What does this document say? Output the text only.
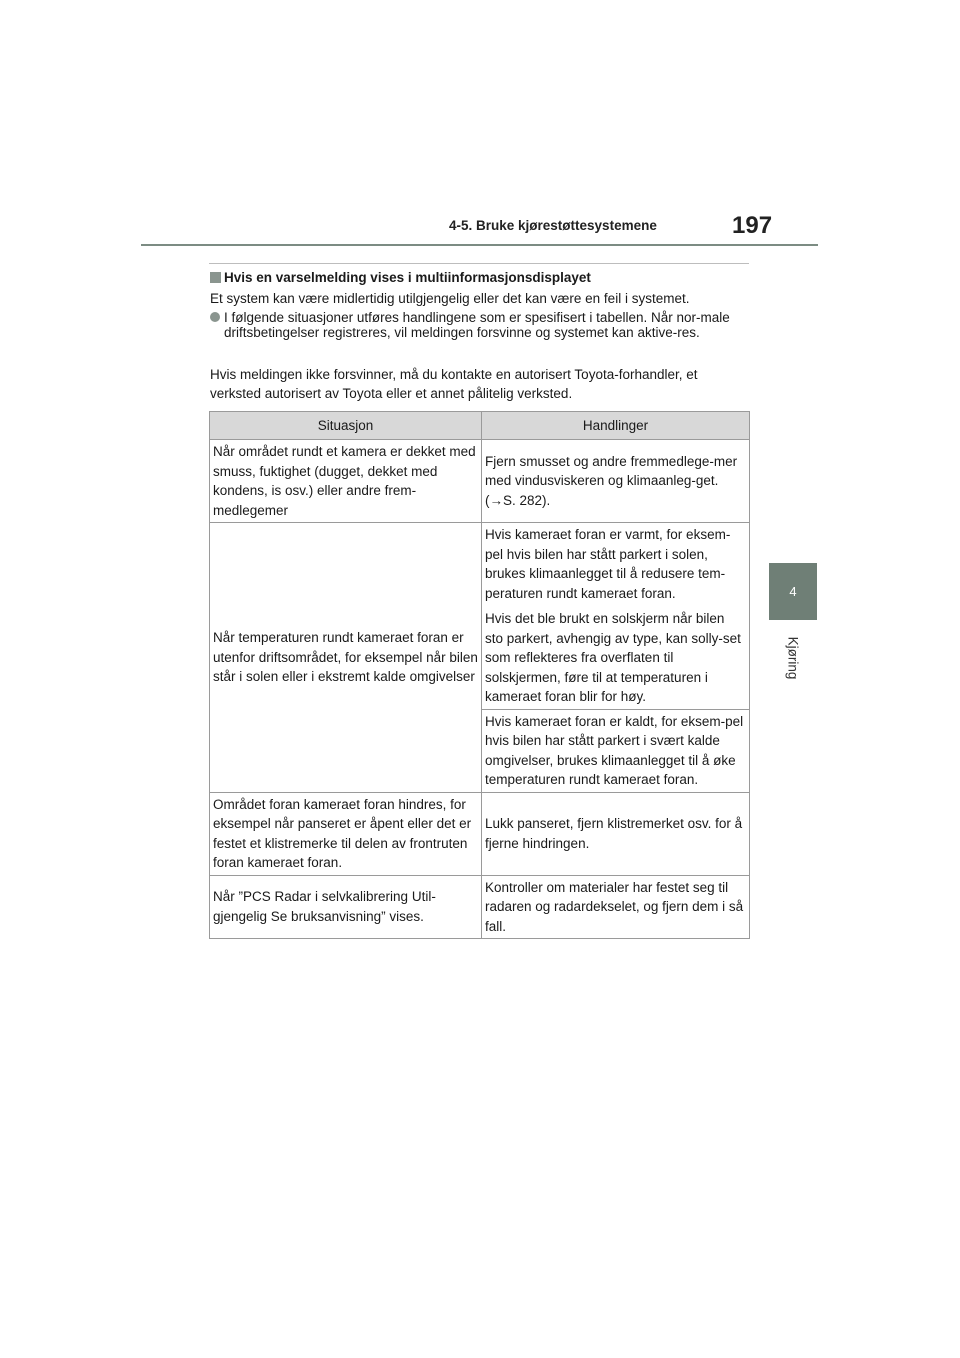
4-5. Bruke kjørestøttesystemene	197
4
Kjøring
Hvis en varselmelding vises i multiinformasjonsdisplayet
Et system kan være midlertidig utilgjengelig eller det kan være en feil i systemet.
I følgende situasjoner utføres handlingene som er spesifisert i tabellen. Når nor-male driftsbetingelser registreres, vil meldingen forsvinne og systemet kan aktive-res.
Hvis meldingen ikke forsvinner, må du kontakte en autorisert Toyota-forhandler, et verksted autorisert av Toyota eller et annet pålitelig verksted.
Situasjon	Handlinger
Når området rundt et kamera er dekket med smuss, fuktighet (dugget, dekket med kondens, is osv.) eller andre frem-medlegemer	Fjern smusset og andre fremmedlege-mer med vindusviskeren og klimaanleg-get. (→S. 282).

Når temperaturen rundt kameraet foran er utenfor driftsområdet, for eksempel når bilen står i solen eller i ekstremt kalde omgivelser	Hvis kameraet foran er varmt, for eksem-pel hvis bilen har stått parkert i solen, brukes klimaanlegget til å redusere tem-peraturen rundt kameraet foran.

Hvis det ble brukt en solskjerm når bilen sto parkert, avhengig av type, kan solly-set som reflekteres fra overflaten til solskjermen, føre til at temperaturen i kameraet foran blir for høy.

	Hvis kameraet foran er kaldt, for eksem-pel hvis bilen har stått parkert i svært kalde omgivelser, brukes klimaanlegget til å øke temperaturen rundt kameraet foran.

Området foran kameraet foran hindres, for eksempel når panseret er åpent eller det er festet et klistremerke til delen av frontruten foran kameraet foran.	Lukk panseret, fjern klistremerket osv. for å fjerne hindringen.

Når ”PCS Radar i selvkalibrering Util-gjengelig Se bruksanvisning” vises.	Kontroller om materialer har festet seg til radaren og radardekselet, og fjern dem i så fall.
